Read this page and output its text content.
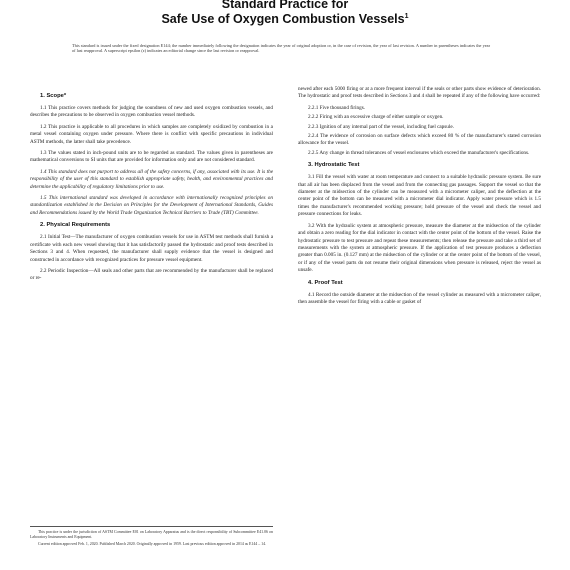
Standard Practice for
Safe Use of Oxygen Combustion Vessels$^1$
This standard is issued under the fixed designation E144; the number immediately following the designation indicates the year of original adoption or, in the case of revision, the year of last revision. A number in parentheses indicates the year of last reapproval. A superscript epsilon (ε) indicates an editorial change since the last revision or reapproval.
1. Scope*

1.1 This practice covers methods for judging the soundness of new and used oxygen combustion vessels, and describes the precautions to be observed in oxygen combustion vessel methods.

1.2 This practice is applicable to all procedures in which samples are completely oxidized by combustion in a metal vessel containing oxygen under pressure. Where there is conflict with specific precautions in individual ASTM methods, the latter shall take precedence.

1.3 The values stated in inch-pound units are to be regarded as standard. The values given in parentheses are mathematical conversions to SI units that are provided for information only and are not considered standard.

1.4 This standard does not purport to address all of the safety concerns, if any, associated with its use. It is the responsibility of the user of this standard to establish appropriate safety, health, and environmental practices and determine the applicability of regulatory limitations prior to use.

1.5 This international standard was developed in accordance with internationally recognized principles on standardization established in the Decision on Principles for the Development of International Standards, Guides and Recommendations issued by the World Trade Organization Technical Barriers to Trade (TBT) Committee.

2. Physical Requirements

2.1 Initial Test—The manufacturer of oxygen combustion vessels for use in ASTM test methods shall furnish a certificate with each new vessel showing that it has satisfactorily passed the hydrostatic and proof tests described in Sections 3 and 4. When requested, the manufacturer shall supply evidence that the vessel is designed and constructed in accordance with recognized practices for pressure vessel equipment.

2.2 Periodic Inspection—All seals and other parts that are recommended by the manufacturer shall be replaced or re-

newed after each 5000 firing or at a more frequent interval if the seals or other parts show evidence of deterioration. The hydrostatic and proof tests described in Sections 3 and 4 shall be repeated if any of the following have occurred:

2.2.1 Five thousand firings.

2.2.2 Firing with an excessive charge of either sample or oxygen.

2.2.3 Ignition of any internal part of the vessel, including fuel capsule.

2.2.4 The evidence of corrosion on surface defects which exceed 80 % of the manufacturer's stated corrosion allowance for the vessel.

2.2.5 Any change in thread tolerances of vessel enclosures which exceed the manufacturer's specifications.

3. Hydrostatic Test

3.1 Fill the vessel with water at room temperature and connect to a suitable hydraulic pressure system. Be sure that all air has been displaced from the vessel and from the connecting gas passages. Support the vessel so that the diameter at the midsection of the cylinder can be measured with a micrometer caliper, and the deflection at the center point of the bottom can be measured with a micrometer dial indicator. Apply water pressure which is 1.5 times the manufacturer's recommended working pressure; hold pressure of the vessel and check the vessel and pressure connections for leaks.

3.2 With the hydraulic system at atmospheric pressure, measure the diameter at the midsection of the cylinder and obtain a zero reading for the dial indicator in contact with the center point of the bottom of the vessel. Raise the hydrostatic pressure to test pressure and repeat these measurements; then release the pressure and take a third set of measurements with the system at atmospheric pressure. If the application of test pressure produces a deflection greater than 0.005 in. (0.127 mm) at the midsection of the cylinder or at the center point of the bottom of the vessel, or if any of the vessel parts do not resume their original dimensions when pressure is released, reject the vessel as unsafe.

4. Proof Test

4.1 Record the outside diameter at the midsection of the vessel cylinder as measured with a micrometer caliper, then assemble the vessel for firing with a cable or gasket of

This practice is under the jurisdiction of ASTM Committee E01 on Laboratory Apparatus and is the direct responsibility of Subcommittee E41.06 on Laboratory Instruments and Equipment.

Current edition approved Feb. 1, 2020. Published March 2020. Originally approved in 1959. Last previous edition approved in 2014 as E144 – 14.
